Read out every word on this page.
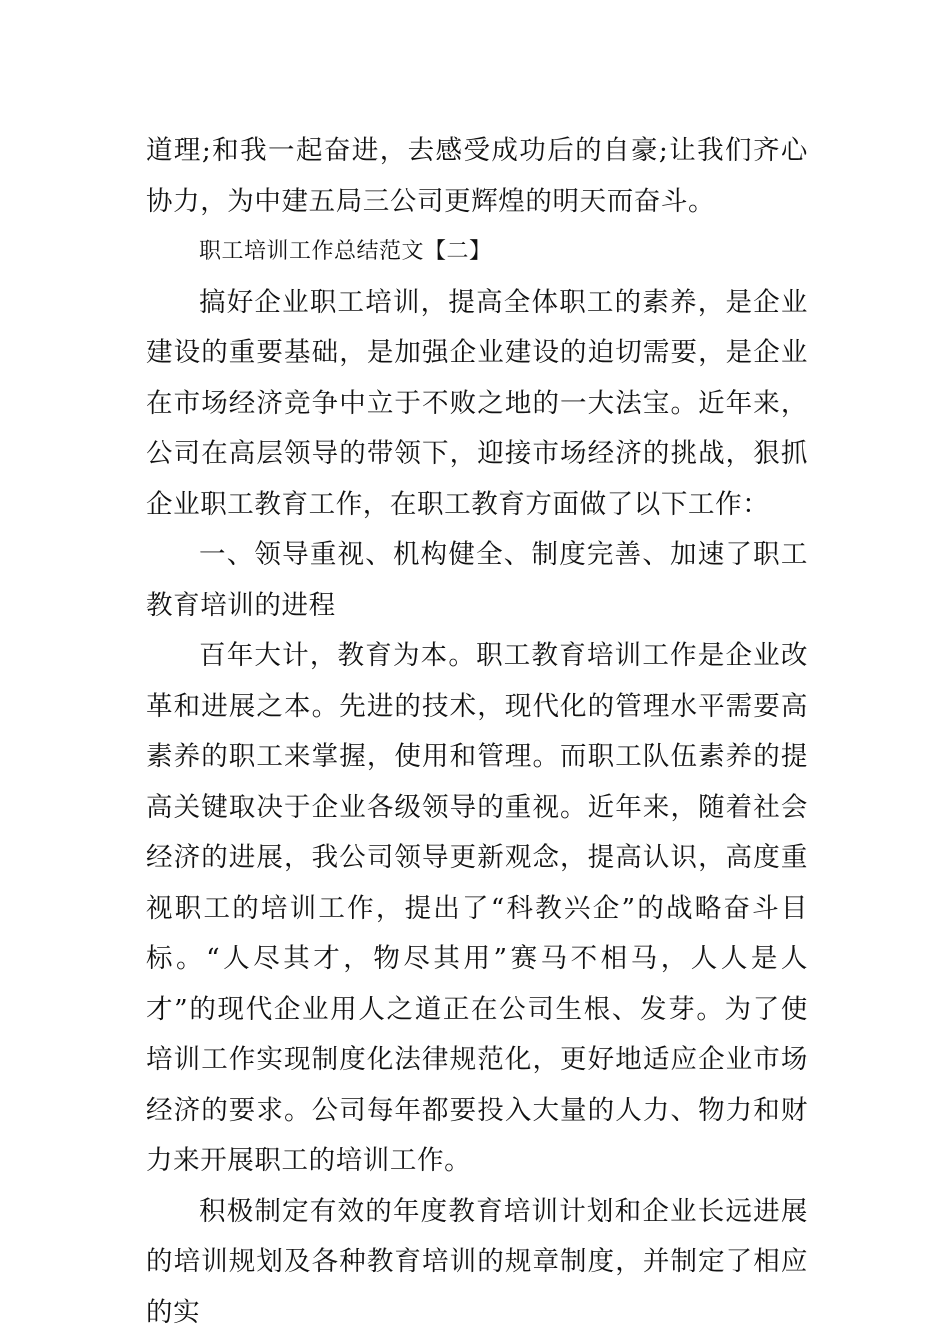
道理;和我一起奋进，去感受成功后的自豪;让我们齐心协力，为中建五局三公司更辉煌的明天而奋斗。

职工培训工作总结范文【二】

搞好企业职工培训，提高全体职工的素养，是企业建设的重要基础，是加强企业建设的迫切需要，是企业在市场经济竞争中立于不败之地的一大法宝。近年来，公司在高层领导的带领下，迎接市场经济的挑战，狠抓企业职工教育工作，在职工教育方面做了以下工作：

一、领导重视、机构健全、制度完善、加速了职工教育培训的进程

百年大计，教育为本。职工教育培训工作是企业改革和进展之本。先进的技术，现代化的管理水平需要高素养的职工来掌握，使用和管理。而职工队伍素养的提高关键取决于企业各级领导的重视。近年来，随着社会经济的进展，我公司领导更新观念，提高认识，高度重视职工的培训工作，提出了“科教兴企”的战略奋斗目标。“人尽其才，物尽其用”赛马不相马，人人是人才”的现代企业用人之道正在公司生根、发芽。为了使培训工作实现制度化法律规范化，更好地适应企业市场经济的要求。公司每年都要投入大量的人力、物力和财力来开展职工的培训工作。

积极制定有效的年度教育培训计划和企业长远进展的培训规划及各种教育培训的规章制度，并制定了相应的实
